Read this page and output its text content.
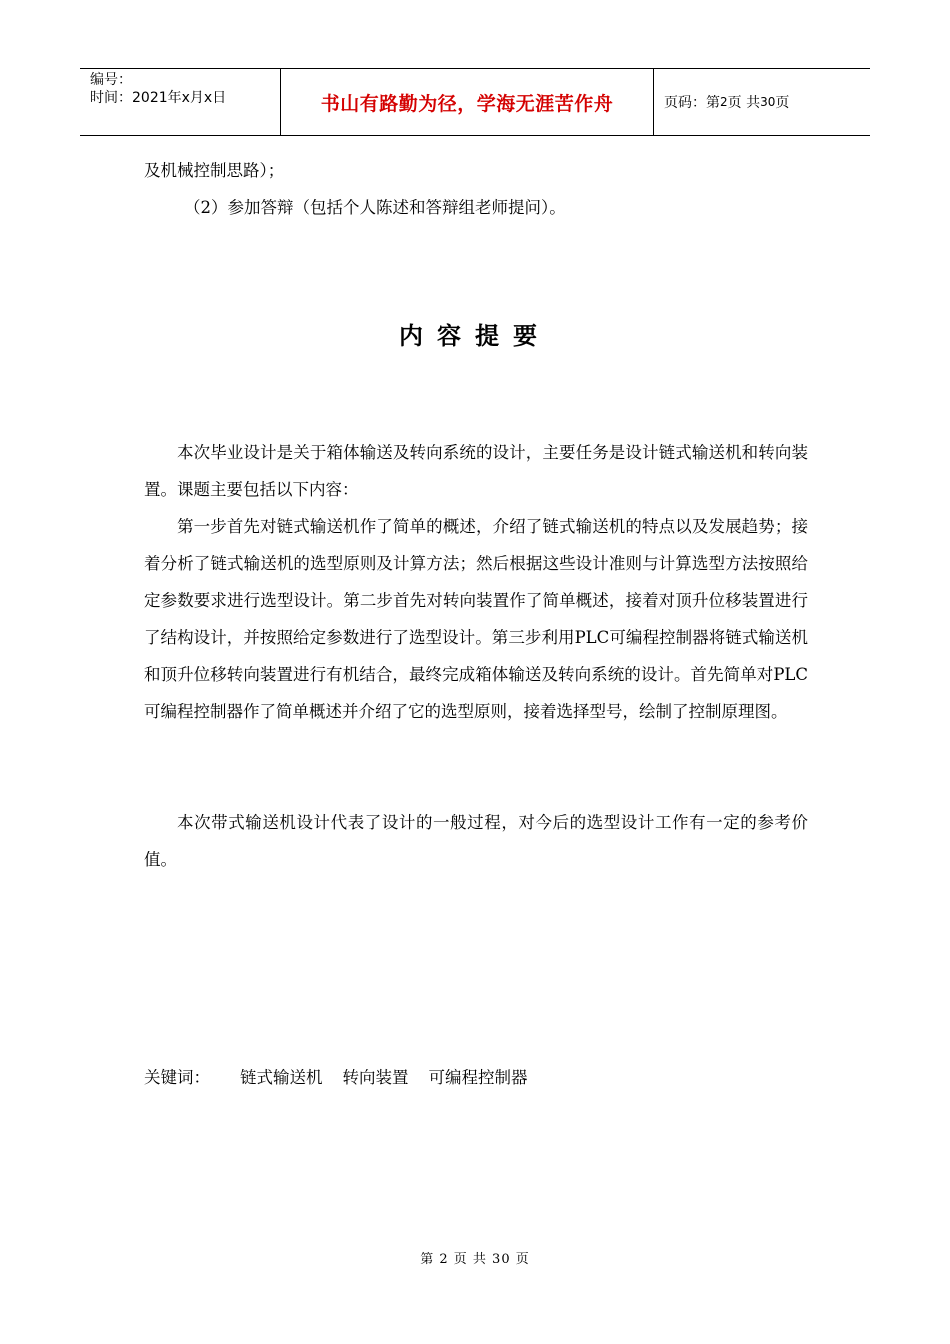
编号：
时间：2021年x月x日	书山有路勤为径，学海无涯苦作舟	页码：第 2 页 共 30 页
及机械控制思路）；
（2）参加答辩（包括个人陈述和答辩组老师提问）。
内容提要
本次毕业设计是关于箱体输送及转向系统的设计，主要任务是设计链式输送机和转向装置。课题主要包括以下内容：
第一步首先对链式输送机作了简单的概述，介绍了链式输送机的特点以及发展趋势；接着分析了链式输送机的选型原则及计算方法；然后根据这些设计准则与计算选型方法按照给定参数要求进行选型设计。第二步首先对转向装置作了简单概述，接着对顶升位移装置进行了结构设计，并按照给定参数进行了选型设计。第三步利用PLC可编程控制器将链式输送机和顶升位移转向装置进行有机结合，最终完成箱体输送及转向系统的设计。首先简单对PLC可编程控制器作了简单概述并介绍了它的选型原则，接着选择型号，绘制了控制原理图。
本次带式输送机设计代表了设计的一般过程，对今后的选型设计工作有一定的参考价值。
关键词： 链式输送机 转向装置 可编程控制器
第 2 页 共 30 页
